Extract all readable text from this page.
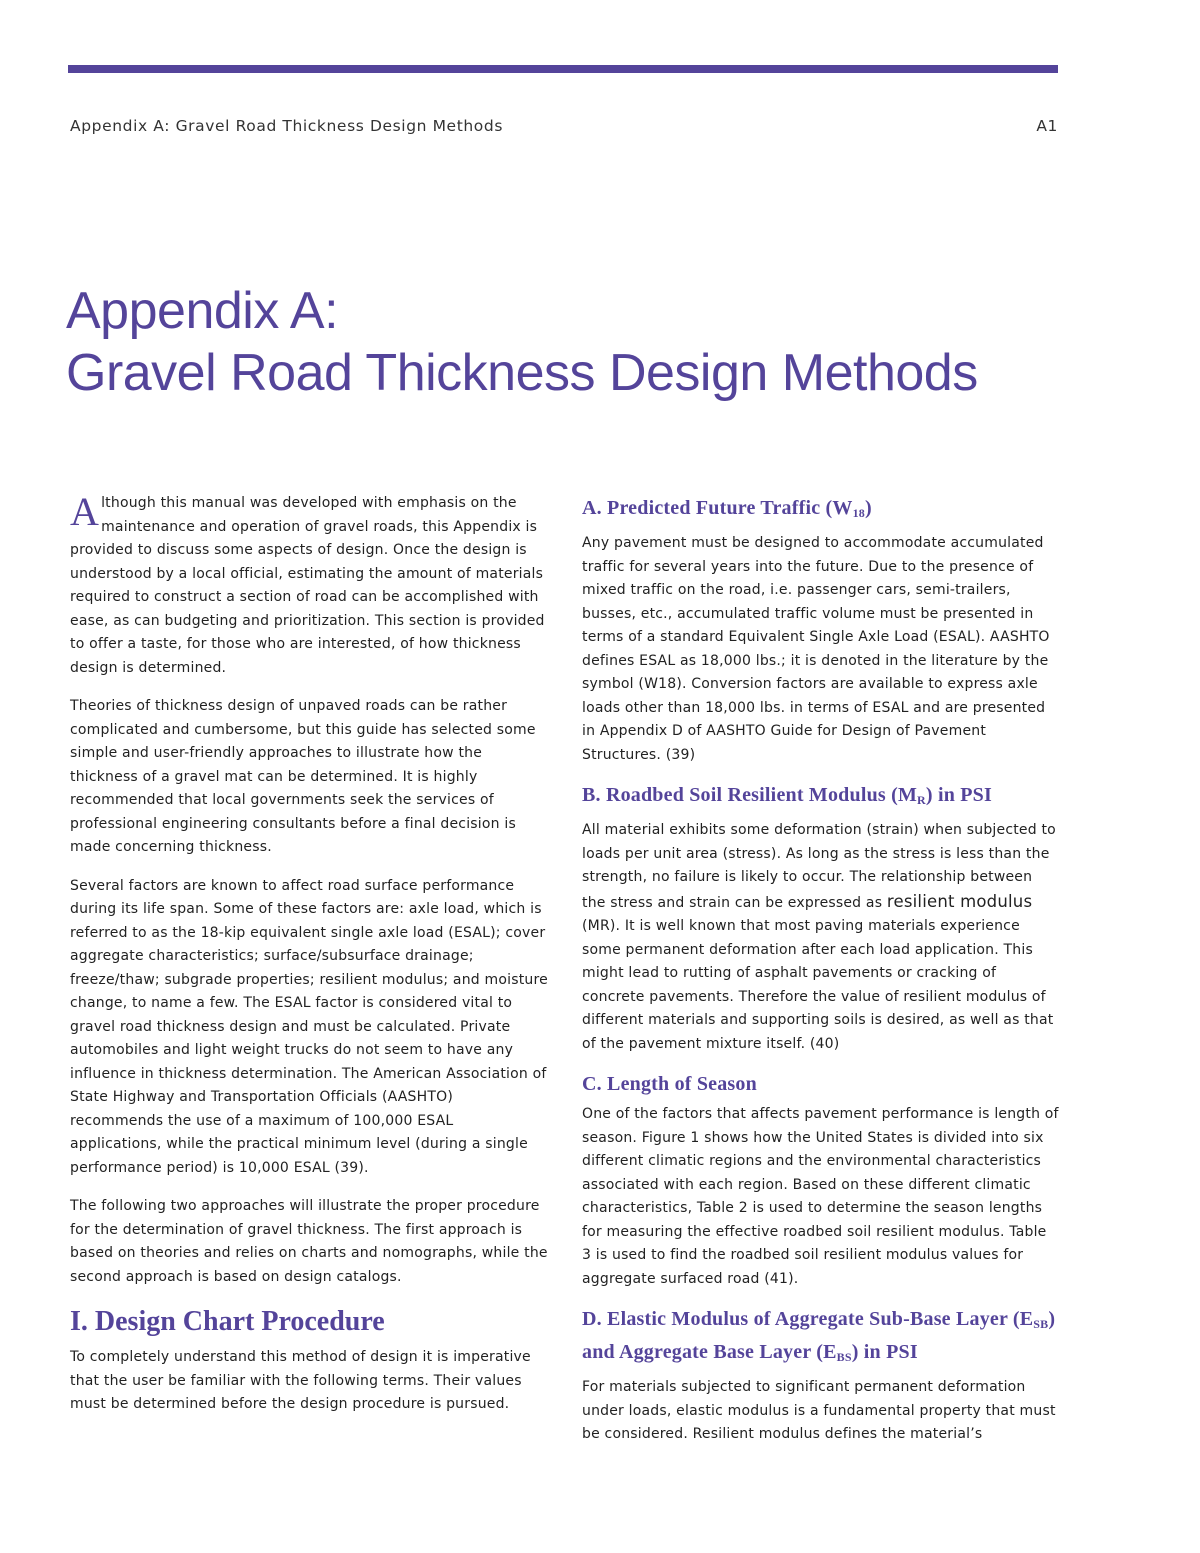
Appendix A: Gravel Road Thickness Design Methods	A1
Appendix A:
Gravel Road Thickness Design Methods

Although this manual was developed with emphasis on the maintenance and operation of gravel roads, this Appendix is provided to discuss some aspects of design. Once the design is understood by a local official, estimating the amount of materials required to construct a section of road can be accomplished with ease, as can budgeting and prioritization. This section is provided to offer a taste, for those who are interested, of how thickness design is determined.

Theories of thickness design of unpaved roads can be rather complicated and cumbersome, but this guide has selected some simple and user-friendly approaches to illustrate how the thickness of a gravel mat can be determined. It is highly recommended that local governments seek the services of professional engineering consultants before a final decision is made concerning thickness.

Several factors are known to affect road surface performance during its life span. Some of these factors are: axle load, which is referred to as the 18-kip equivalent single axle load (ESAL); cover aggregate characteristics; surface/subsurface drainage; freeze/thaw; subgrade properties; resilient modulus; and moisture change, to name a few. The ESAL factor is considered vital to gravel road thickness design and must be calculated. Private automobiles and light weight trucks do not seem to have any influence in thickness determination. The American Association of State Highway and Transportation Officials (AASHTO) recommends the use of a maximum of 100,000 ESAL applications, while the practical minimum level (during a single performance period) is 10,000 ESAL (39).

The following two approaches will illustrate the proper procedure for the determination of gravel thickness. The first approach is based on theories and relies on charts and nomographs, while the second approach is based on design catalogs.

I. Design Chart Procedure

To completely understand this method of design it is imperative that the user be familiar with the following terms. Their values must be determined before the design procedure is pursued.

A. Predicted Future Traffic $(W_{18})$

Any pavement must be designed to accommodate accumulated traffic for several years into the future. Due to the presence of mixed traffic on the road, i.e. passenger cars, semi-trailers, busses, etc., accumulated traffic volume must be presented in terms of a standard Equivalent Single Axle Load (ESAL). AASHTO defines ESAL as 18,000 lbs.; it is denoted in the literature by the symbol (W18). Conversion factors are available to express axle loads other than 18,000 lbs. in terms of ESAL and are presented in Appendix D of AASHTO Guide for Design of Pavement Structures. (39)

B. Roadbed Soil Resilient Modulus $(M_R)$ in PSI

All material exhibits some deformation (strain) when subjected to loads per unit area (stress). As long as the stress is less than the strength, no failure is likely to occur. The relationship between the stress and strain can be expressed as resilient modulus (MR). It is well known that most paving materials experience some permanent deformation after each load application. This might lead to rutting of asphalt pavements or cracking of concrete pavements. Therefore the value of resilient modulus of different materials and supporting soils is desired, as well as that of the pavement mixture itself. (40)

C. Length of Season

One of the factors that affects pavement performance is length of season. Figure 1 shows how the United States is divided into six different climatic regions and the environmental characteristics associated with each region. Based on these different climatic characteristics, Table 2 is used to determine the season lengths for measuring the effective roadbed soil resilient modulus. Table 3 is used to find the roadbed soil resilient modulus values for aggregate surfaced road (41).

D. Elastic Modulus of Aggregate Sub-Base Layer $(E_{SB})$ and Aggregate Base Layer $(E_{BS})$ in PSI

For materials subjected to significant permanent deformation under loads, elastic modulus is a fundamental property that must be considered. Resilient modulus defines the material’s
